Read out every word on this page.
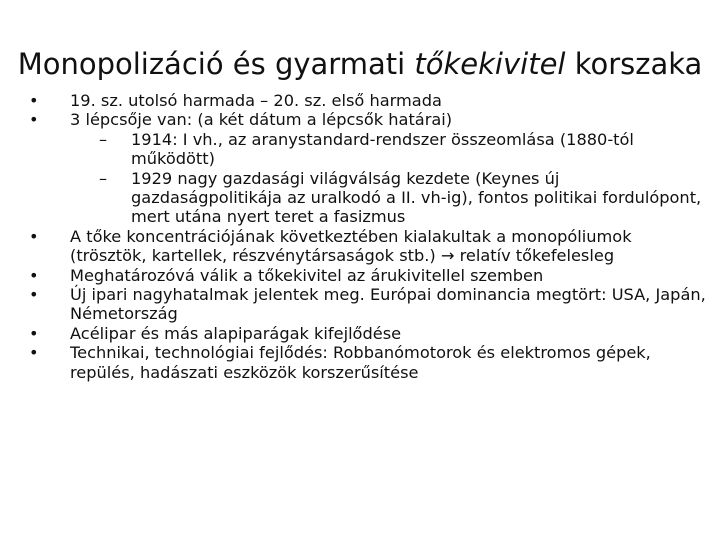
Monopolizáció és gyarmati tőkekivitel korszaka
• 19. sz. utolsó harmada – 20. sz. első harmada
• 3 lépcsője van: (a két dátum a lépcsők határai)
– 1914: I vh., az aranystandard-rendszer összeomlása (1880-tól működött)
– 1929 nagy gazdasági világválság kezdete (Keynes új gazdaságpolitikája az uralkodó a II. vh-ig), fontos politikai fordulópont, mert utána nyert teret a fasizmus
• A tőke koncentrációjának következtében kialakultak a monopóliumok (trösztök, kartellek, részvénytársaságok stb.) → relatív tőkefelesleg
• Meghatározóvá válik a tőkekivitel az árukivitellel szemben
• Új ipari nagyhatalmak jelentek meg. Európai dominancia megtört: USA, Japán, Németország
• Acélipar és más alapiparágak kifejlődése
• Technikai, technológiai fejlődés: Robbanómotorok és elektromos gépek, repülés, hadászati eszközök korszerűsítése
